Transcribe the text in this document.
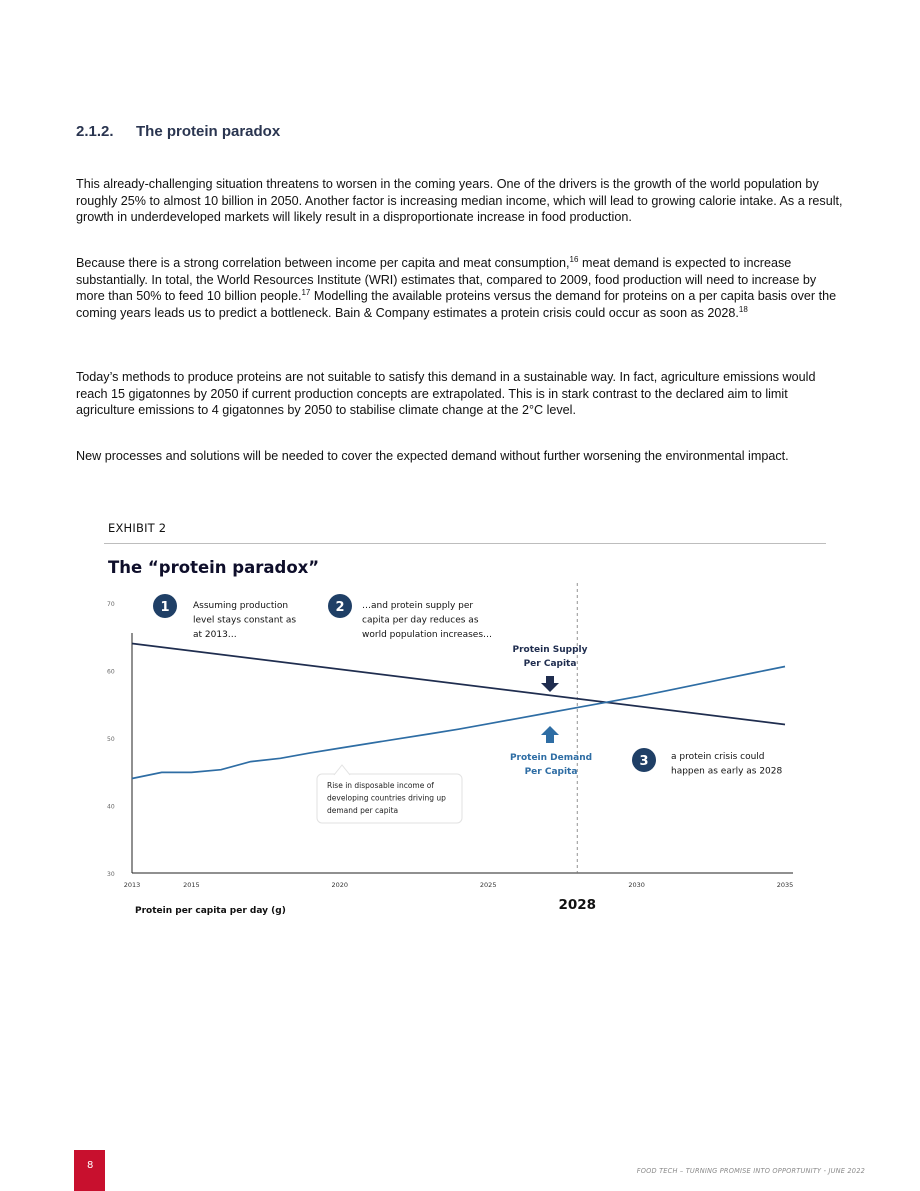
2.1.2. The protein paradox

This already-challenging situation threatens to worsen in the coming years. One of the drivers is the growth of the world population by roughly 25% to almost 10 billion in 2050. Another factor is increasing median income, which will lead to growing calorie intake. As a result, growth in underdeveloped markets will likely result in a disproportionate increase in food production.

Because there is a strong correlation between income per capita and meat consumption,$^{16}$ meat demand is expected to increase substantially. In total, the World Resources Institute (WRI) estimates that, compared to 2009, food production will need to increase by more than 50% to feed 10 billion people.$^{17}$ Modelling the available proteins versus the demand for proteins on a per capita basis over the coming years leads us to predict a bottleneck. Bain & Company estimates a protein crisis could occur as soon as 2028.18

Today’s methods to produce proteins are not suitable to satisfy this demand in a sustainable way. In fact, agriculture emissions would reach 15 gigatonnes by 2050 if current production concepts are extrapolated. This is in stark contrast to the declared aim to limit agriculture emissions to 4 gigatonnes by 2050 to stabilise climate change at the 2°C level.

New processes and solutions will be needed to cover the expected demand without further worsening the environmental impact.

EXHIBIT 2
The “protein paradox”
30
40
50
60
70
2013	2015	2020	2025	2030	2035
Protein per capita per day (g)	2028
Protein Supply
Per Capita
Protein Demand
Per Capita
1	Assuming production
level stays constant as
at 2013…
2 …and protein supply per
capita per day reduces as
world population increases…
3 a protein crisis could
happen as early as 2028
Rise in disposable income of
developing countries driving up
demand per capita
8	FOOD TECH – TURNING PROMISE INTO OPPORTUNITY - JUNE 2022
